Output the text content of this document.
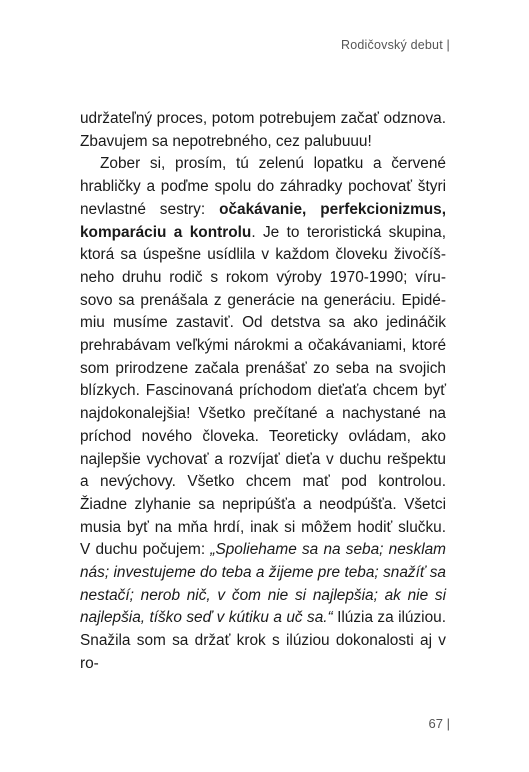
Rodičovský debut |

udržateľný proces, potom potrebujem začať odznova. Zbavujem sa nepotrebného, cez palubuuu!

Zober si, prosím, tú zelenú lopatku a červené hrabličky a poďme spolu do záhradky pochovať štyri nevlastné sestry: očakávanie, perfekcionizmus, komparáciu a kontrolu. Je to teroristická skupina, ktorá sa úspešne usídlila v každom človeku živočíšneho druhu rodič s rokom výroby 1970-1990; vírusovo sa prenášala z generácie na generáciu. Epidémiu musíme zastaviť. Od detstva sa ako jedináčik prehrabávam veľkými nárokmi a očakávaniami, ktoré som prirodzene začala prenášať zo seba na svojich blízkych. Fascinovaná príchodom dieťaťa chcem byť najdokonalejšia! Všetko prečítané a nachystané na príchod nového človeka. Teoreticky ovládam, ako najlepšie vychovať a rozvíjať dieťa v duchu rešpektu a nevýchovy. Všetko chcem mať pod kontrolou. Žiadne zlyhanie sa nepripúšťa a neodpúšťa. Všetci musia byť na mňa hrdí, inak si môžem hodiť slučku. V duchu počujem: „Spoliehame sa na seba; nesklam nás; investujeme do teba a žijeme pre teba; snažíť sa nestačí; nerob nič, v čom nie si najlepšia; ak nie si najlepšia, tíško seď v kútiku a uč sa.“ Ilúzia za ilúziou. Snažila som sa držať krok s ilúziou dokonalosti aj v ro-

67 |
